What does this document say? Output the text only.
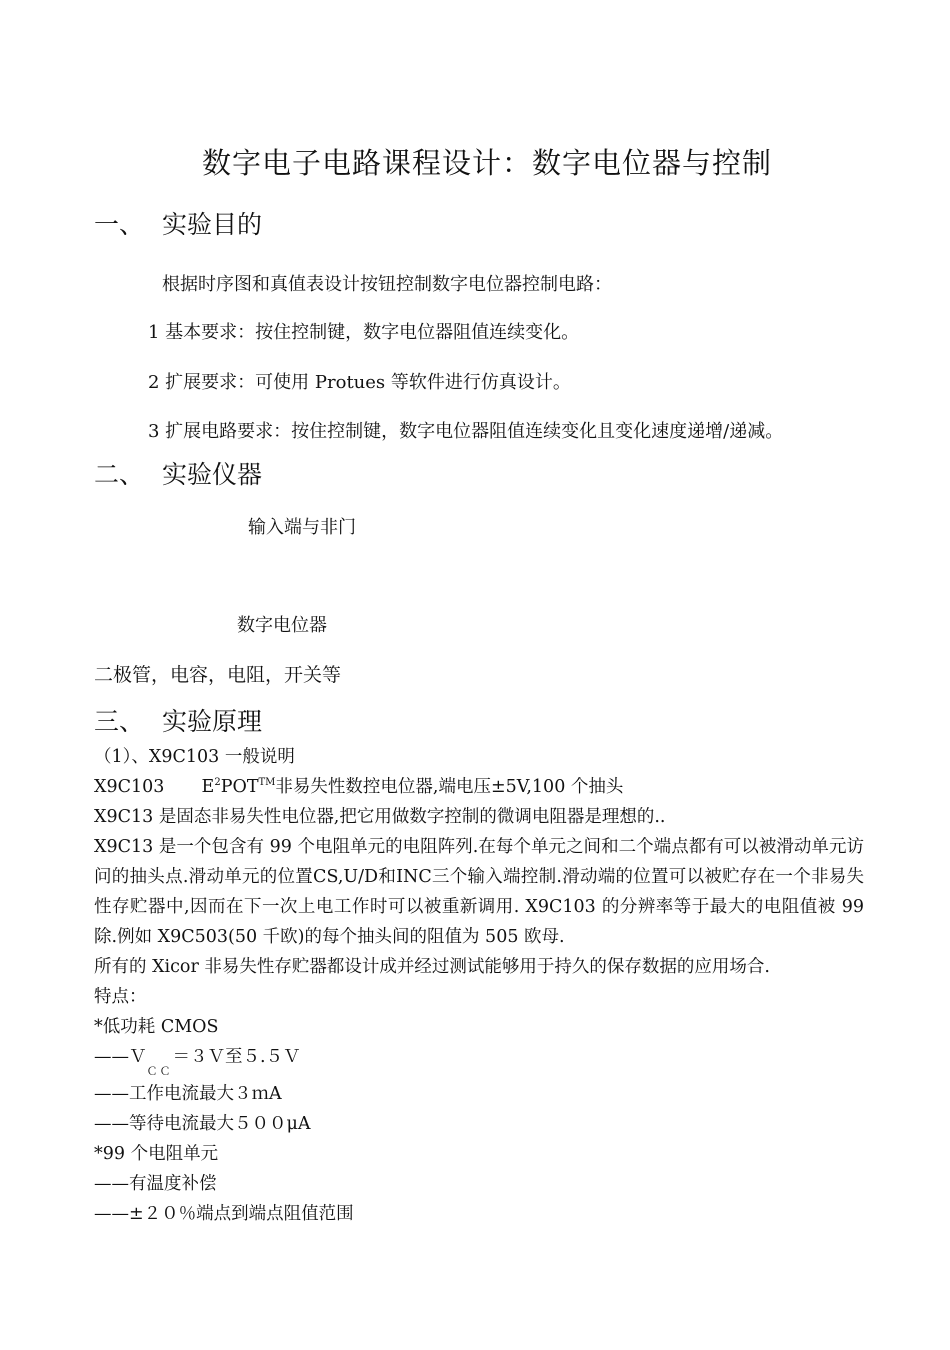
数字电子电路课程设计：数字电位器与控制
一、 实验目的
根据时序图和真值表设计按钮控制数字电位器控制电路：
1 基本要求：按住控制键，数字电位器阻值连续变化。
2 扩展要求：可使用 Protues 等软件进行仿真设计。
3 扩展电路要求：按住控制键，数字电位器阻值连续变化且变化速度递增/递减。
二、 实验仪器
输入端与非门
数字电位器
二极管，电容，电阻，开关等
三、 实验原理
（1）、X9C103 一般说明
X9C103 $E^2POT™$非易失性数控电位器,端电压±5V,100 个抽头
X9C13 是固态非易失性电位器,把它用做数字控制的微调电阻器是理想的..
X9C13 是一个包含有 99 个电阻单元的电阻阵列.在每个单元之间和二个端点都有可以被滑动单元访问的抽头点.滑动单元的位置CS,U/D和INC三个输入端控制.滑动端的位置可以被贮存在一个非易失性存贮器中,因而在下一次上电工作时可以被重新调用. X9C103 的分辨率等于最大的电阻值被 99 除.例如 X9C503(50 千欧)的每个抽头间的阻值为 505 欧母.
所有的 Xicor 非易失性存贮器都设计成并经过测试能够用于持久的保存数据的应用场合.
特点：
*低功耗 CMOS
——Ｖ$_{CC}$＝３Ｖ至５.５Ｖ
——工作电流最大３ｍA
——等待电流最大５００μA
*99 个电阻单元
——有温度补偿
——±２０％端点到端点阻值范围
